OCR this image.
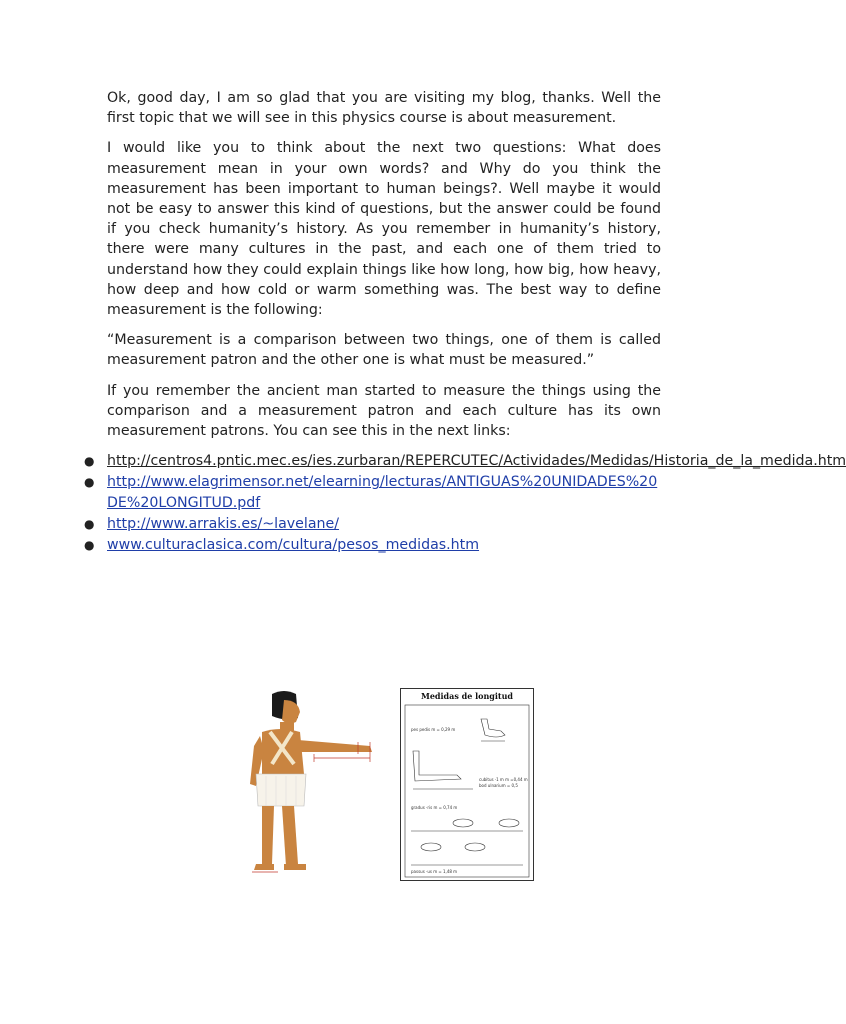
Ok, good day, I am so glad that you are visiting my blog, thanks. Well the first topic that we will see in this physics course is about measurement.

I would like you to think about the next two questions: What does measurement mean in your own words? and Why do you think the measurement has been important to human beings?. Well maybe it would not be easy to answer this kind of questions, but the answer could be found if you check humanity’s history. As you remember in humanity’s history, there were many cultures in the past, and each one of them tried to understand how they could explain things like how long, how big, how heavy, how deep and how cold or warm something was. The best way to define measurement is the following:

“Measurement is a comparison between two things, one of them is called measurement patron and the other one is what must be measured.”

If you remember the ancient man started to measure the things using the comparison and a measurement patron and each culture has its own measurement patrons. You can see this in the next links:

● http://centros4.pntic.mec.es/ies.zurbaran/REPERCUTEC/Actividades/Medidas/Historia_de_la_medida.htm
● http://www.elagrimensor.net/elearning/lecturas/ANTIGUAS%20UNIDADES%20DE%20LONGITUD.pdf
● http://www.arrakis.es/~lavelane/
● www.culturaclasica.com/cultura/pesos_medidas.htm
Medidas de longitud
pes pedis m = 0,29 m
cubitus ·1 m m =0,44 m
bod ulnarium = 0,5
gradus ·ris m = 0,74 m
passus ·us m = 1,48 m
